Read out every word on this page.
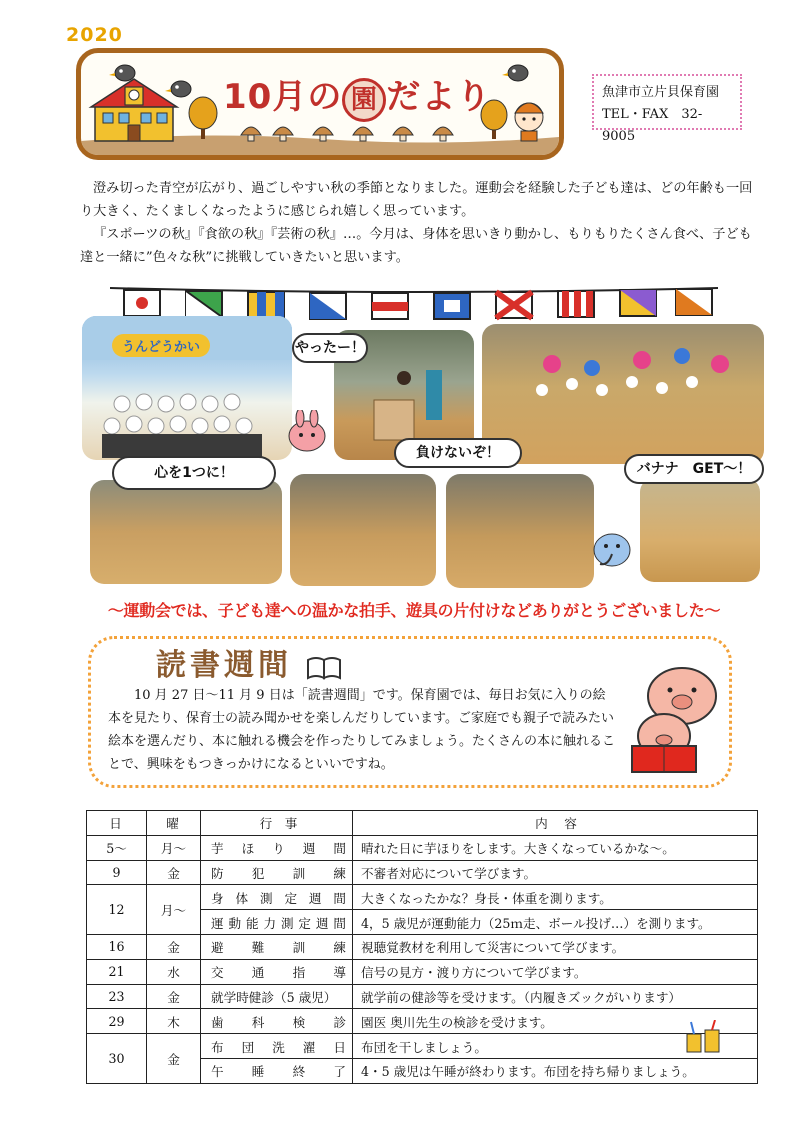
2020
10月の 園 だより	魚津市立片貝保育園
TEL・FAX　32-9005

澄み切った青空が広がり、過ごしやすい秋の季節となりました。運動会を経験した子ども達は、どの年齢も一回り大きく、たくましくなったように感じられ嬉しく思っています。

『スポーツの秋』『食欲の秋』『芸術の秋』…。今月は、身体を思いきり動かし、もりもりたくさん食べ、子ども達と一緒に”色々な秋”に挑戦していきたいと思います。

うんどうかい	やったー！
心を1つに！
負けないぞ！
バナナ　GET～！
～運動会では、子ども達への温かな拍手、遊具の片付けなどありがとうございました～
読書週間

10 月 27 日～11 月 9 日は「読書週間」です。保育園では、毎日お気に入りの絵本を見たり、保育士の読み聞かせを楽しんだりしています。ご家庭でも親子で読みたい絵本を選んだり、本に触れる機会を作ったりしてみましょう。たくさんの本に触れることで、興味をもつきっかけになるといいですね。

日	曜	行　事	内　容
5～	月～	芋ほり週間	晴れた日に芋ほりをします。大きくなっているかな～。
9	金	防犯訓練	不審者対応について学びます。
12	月～	身体測定週間	大きくなったかな？身長・体重を測ります。
		運動能力測定週間	4，5 歳児が運動能力（25ｍ走、ボール投げ…）を測ります。
16	金	避難訓練	視聴覚教材を利用して災害について学びます。
21	水	交通指導	信号の見方・渡り方について学びます。
23	金	就学時健診（5 歳児）	就学前の健診等を受けます。（内履きズックがいります）
29	木	歯科検診	園医 奥川先生の検診を受けます。
30	金	布団洗濯日	布団を干しましょう。

		午睡終了	4・5 歳児は午睡が終わります。布団を持ち帰りましょう。
